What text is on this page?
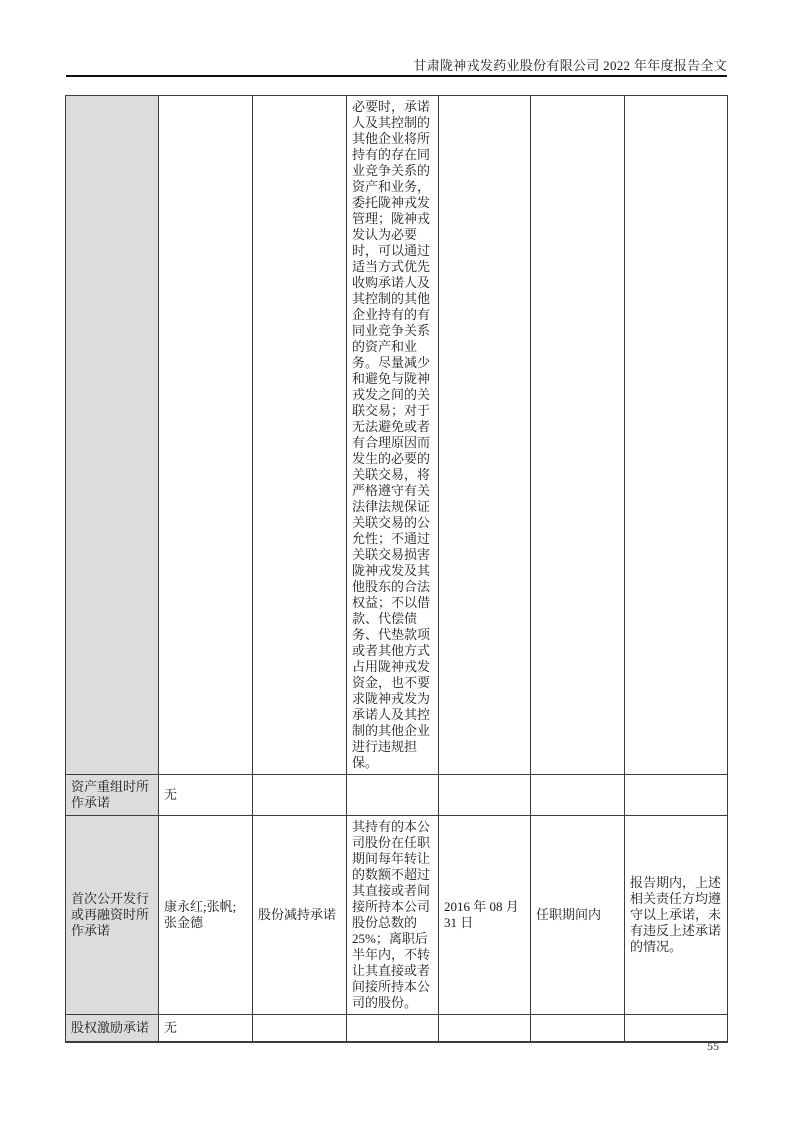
甘肃陇神戎发药业股份有限公司 2022 年年度报告全文
			必要时，承诺人及其控制的其他企业将所持有的存在同业竞争关系的资产和业务，委托陇神戎发管理；陇神戎发认为必要时，可以通过适当方式优先收购承诺人及其控制的其他企业持有的有同业竞争关系的资产和业务。尽量减少和避免与陇神戎发之间的关联交易；对于无法避免或者有合理原因而发生的必要的关联交易，将严格遵守有关法律法规保证关联交易的公允性；不通过关联交易损害陇神戎发及其他股东的合法权益；不以借款、代偿债务、代垫款项或者其他方式占用陇神戎发资金，也不要求陇神戎发为承诺人及其控制的其他企业进行违规担保。			
资产重组时所作承诺	无					
首次公开发行或再融资时所作承诺	康永红;张帆;张金德	股份减持承诺	其持有的本公司股份在任职期间每年转让的数额不超过其直接或者间接所持本公司股份总数的25%；离职后半年内，不转让其直接或者间接所持本公司的股份。	2016 年 08 月 31 日	任职期间内	报告期内，上述相关责任方均遵守以上承诺，未有违反上述承诺的情况。
股权激励承诺	无					
55
